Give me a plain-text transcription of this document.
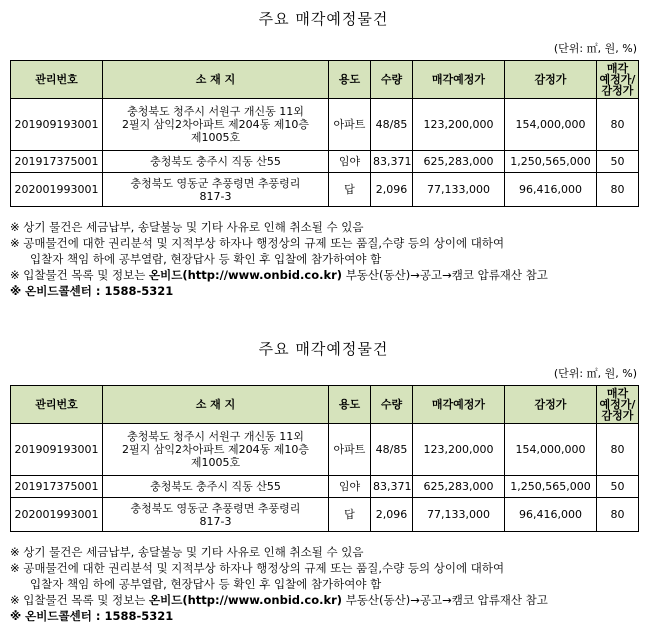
주요 매각예정물건
(단위: ㎡, 원, %)
관리번호	소 재 지	용도	수량	매각예정가	감정가	매각
예정가/
감정가
201909193001	충청북도 청주시 서원구 개신동 11외
2필지 삼익2차아파트 제204동 제10층
제1005호	아파트	48/85	123,200,000	154,000,000	80
201917375001	충청북도 충주시 직동 산55	임야	83,371	625,283,000	1,250,565,000	50
202001993001	충청북도 영동군 추풍령면 추풍령리
817-3	답	2,096	77,133,000	96,416,000	80
※ 상기 물건은 세금납부, 송달불능 및 기타 사유로 인해 취소될 수 있음
※ 공매물건에 대한 권리분석 및 지적부상 하자나 행정상의 규제 또는 품질,수량 등의 상이에 대하여
입찰자 책임 하에 공부열람, 현장답사 등 확인 후 입찰에 참가하여야 함
※ 입찰물건 목록 및 정보는 온비드(http://www.onbid.co.kr) 부동산(동산)→공고→캠코 압류재산 참고
※ 온비드콜센터 : 1588-5321
주요 매각예정물건
(단위: ㎡, 원, %)
관리번호	소 재 지	용도	수량	매각예정가	감정가	매각
예정가/
감정가
201909193001	충청북도 청주시 서원구 개신동 11외
2필지 삼익2차아파트 제204동 제10층
제1005호	아파트	48/85	123,200,000	154,000,000	80
201917375001	충청북도 충주시 직동 산55	임야	83,371	625,283,000	1,250,565,000	50
202001993001	충청북도 영동군 추풍령면 추풍령리
817-3	답	2,096	77,133,000	96,416,000	80
※ 상기 물건은 세금납부, 송달불능 및 기타 사유로 인해 취소될 수 있음
※ 공매물건에 대한 권리분석 및 지적부상 하자나 행정상의 규제 또는 품질,수량 등의 상이에 대하여
입찰자 책임 하에 공부열람, 현장답사 등 확인 후 입찰에 참가하여야 함
※ 입찰물건 목록 및 정보는 온비드(http://www.onbid.co.kr) 부동산(동산)→공고→캠코 압류재산 참고
※ 온비드콜센터 : 1588-5321
